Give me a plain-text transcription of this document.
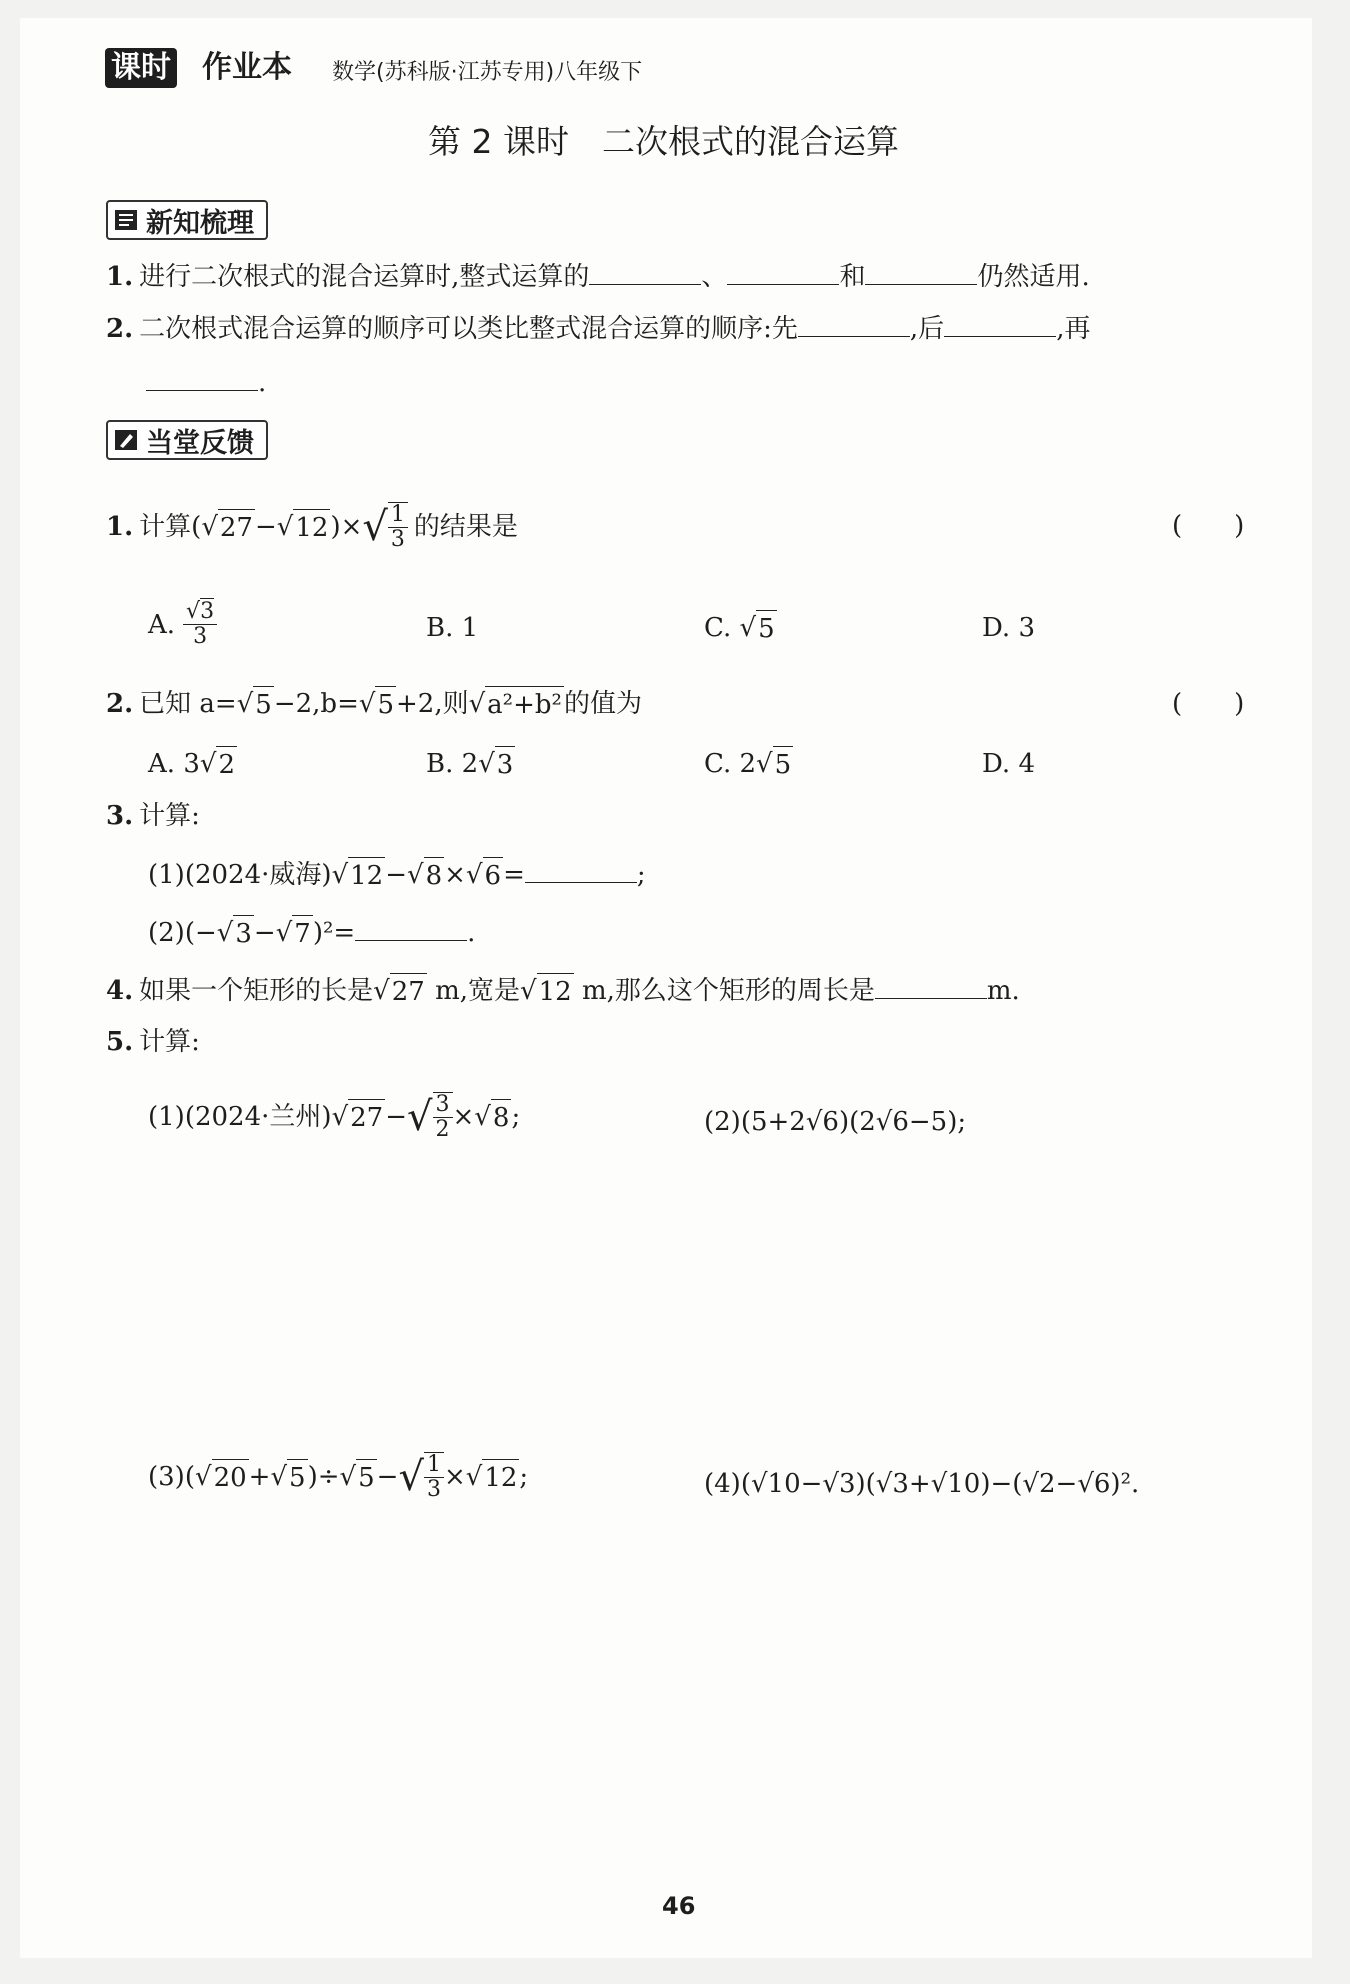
课时 作业本 数学(苏科版·江苏专用)八年级下
第 2 课时　二次根式的混合运算
新知梳理
1. 进行二次根式的混合运算时,整式运算的	、	和	仍然适用.
2. 二次根式混合运算的顺序可以类比整式混合运算的顺序:先	,后	,再
.
当堂反馈
1. 计算( √ 27 − √ 12 )× √ $\frac{1}{3}$ 的结果是	(　　)
A. $\frac{√3}{3}$	B. 1	C. √ 5	D. 3
2. 已知 a= √ 5 −2,b= √ 5 +2,则 √ a²+b² 的值为	(　　)
A. 3 √ 2	B. 2 √ 3	C. 2 √ 5	D. 4
3. 计算:
(1)(2024·威海) √ 12 − √ 8 × √ 6 =	;
(2)(− √ 3 − √ 7 )²=	.
4. 如果一个矩形的长是 √ 27 m,宽是 √ 12 m,那么这个矩形的周长是	m.
5. 计算:
(1)(2024·兰州) √ 27 − √ $\frac{3}{2}$ × √ 8 ;	(2)(5+2√6)(2√6−5);
(3)( √ 20 + √ 5 )÷ √ 5 − √ $\frac{1}{3}$ × √ 12 ;	(4)(√10−√3)(√3+√10)−(√2−√6)².
46
